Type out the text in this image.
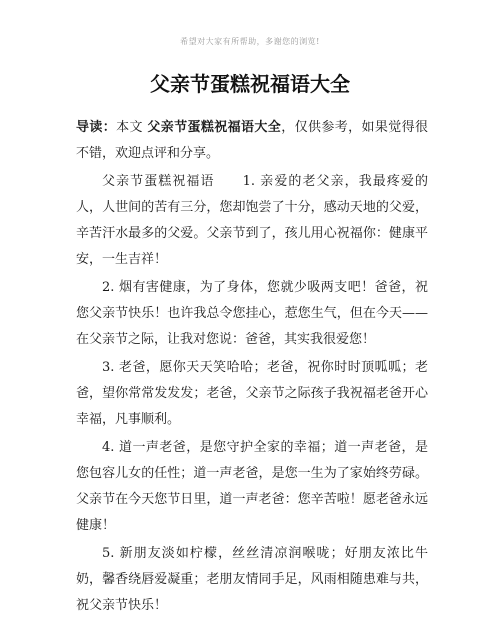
希望对大家有所帮助，多谢您的浏览!
父亲节蛋糕祝福语大全

导读：本文 父亲节蛋糕祝福语大全，仅供参考，如果觉得很不错，欢迎点评和分享。

父亲节蛋糕祝福语　　1. 亲爱的老父亲，我最疼爱的人，人世间的苦有三分，您却饱尝了十分，感动天地的父爱，辛苦汗水最多的父爱。父亲节到了，孩儿用心祝福你：健康平安，一生吉祥！

2. 烟有害健康，为了身体，您就少吸两支吧！爸爸，祝您父亲节快乐！也许我总令您挂心，惹您生气，但在今天——在父亲节之际，让我对您说：爸爸，其实我很爱您！

3. 老爸，愿你天天笑哈哈；老爸，祝你时时顶呱呱；老爸，望你常常发发发；老爸，父亲节之际孩子我祝福老爸开心幸福，凡事顺利。

4. 道一声老爸，是您守护全家的幸福；道一声老爸，是您包容儿女的任性；道一声老爸，是您一生为了家始终劳碌。父亲节在今天您节日里，道一声老爸：您辛苦啦！愿老爸永远健康！

5. 新朋友淡如柠檬，丝丝清凉润喉咙；好朋友浓比牛奶，馨香绕唇爱凝重；老朋友情同手足，风雨相随患难与共，祝父亲节快乐！
